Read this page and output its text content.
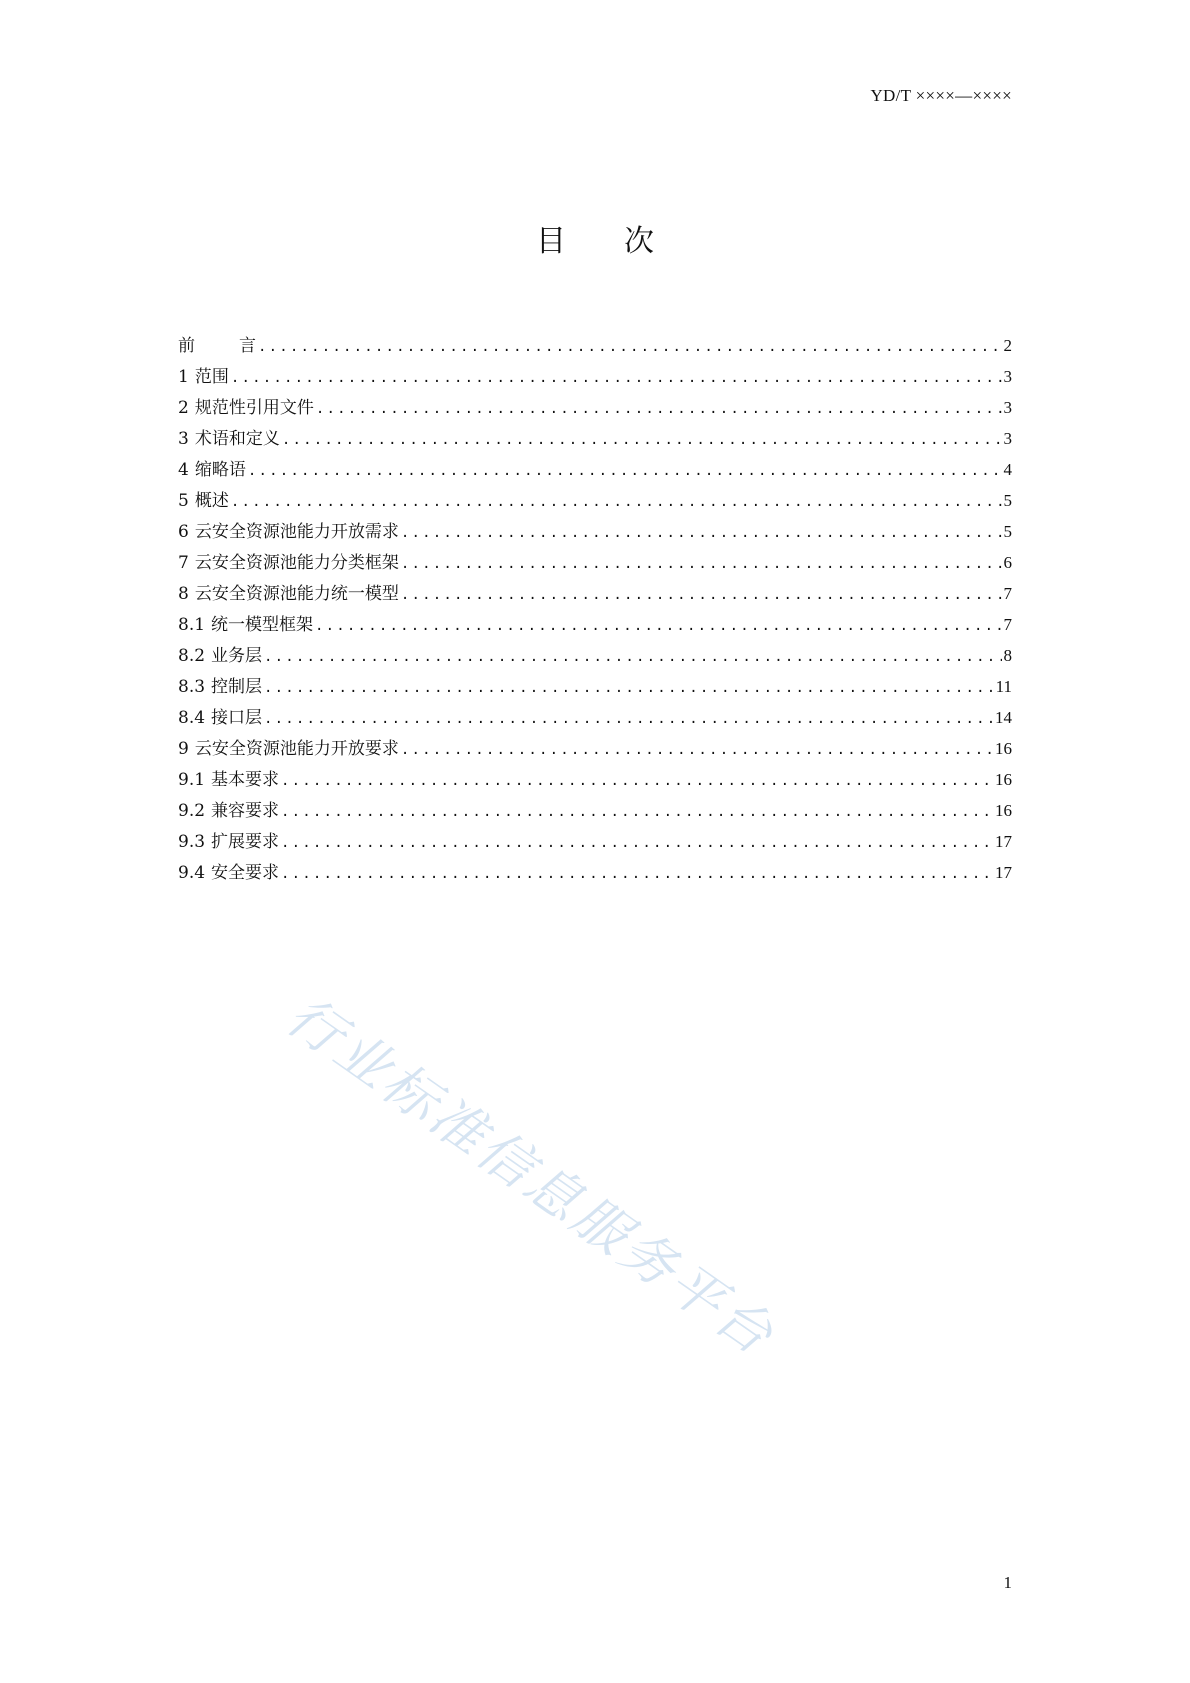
YD/T ××××—××××
目次
前言 .....	2
1 范围 .....	3
2 规范性引用文件 .....	3
3 术语和定义 .....	3
4 缩略语 .....	4
5 概述 .....	5
6 云安全资源池能力开放需求 .....	5
7 云安全资源池能力分类框架 .....	6
8 云安全资源池能力统一模型 .....	7
8.1 统一模型框架 .....	7
8.2 业务层 .....	8
8.3 控制层 .....	11
8.4 接口层 .....	14
9 云安全资源池能力开放要求 .....	16
9.1 基本要求 .....	16
9.2 兼容要求 .....	16
9.3 扩展要求 .....	17
9.4 安全要求 .....	17
行业标准信息服务平台
1
